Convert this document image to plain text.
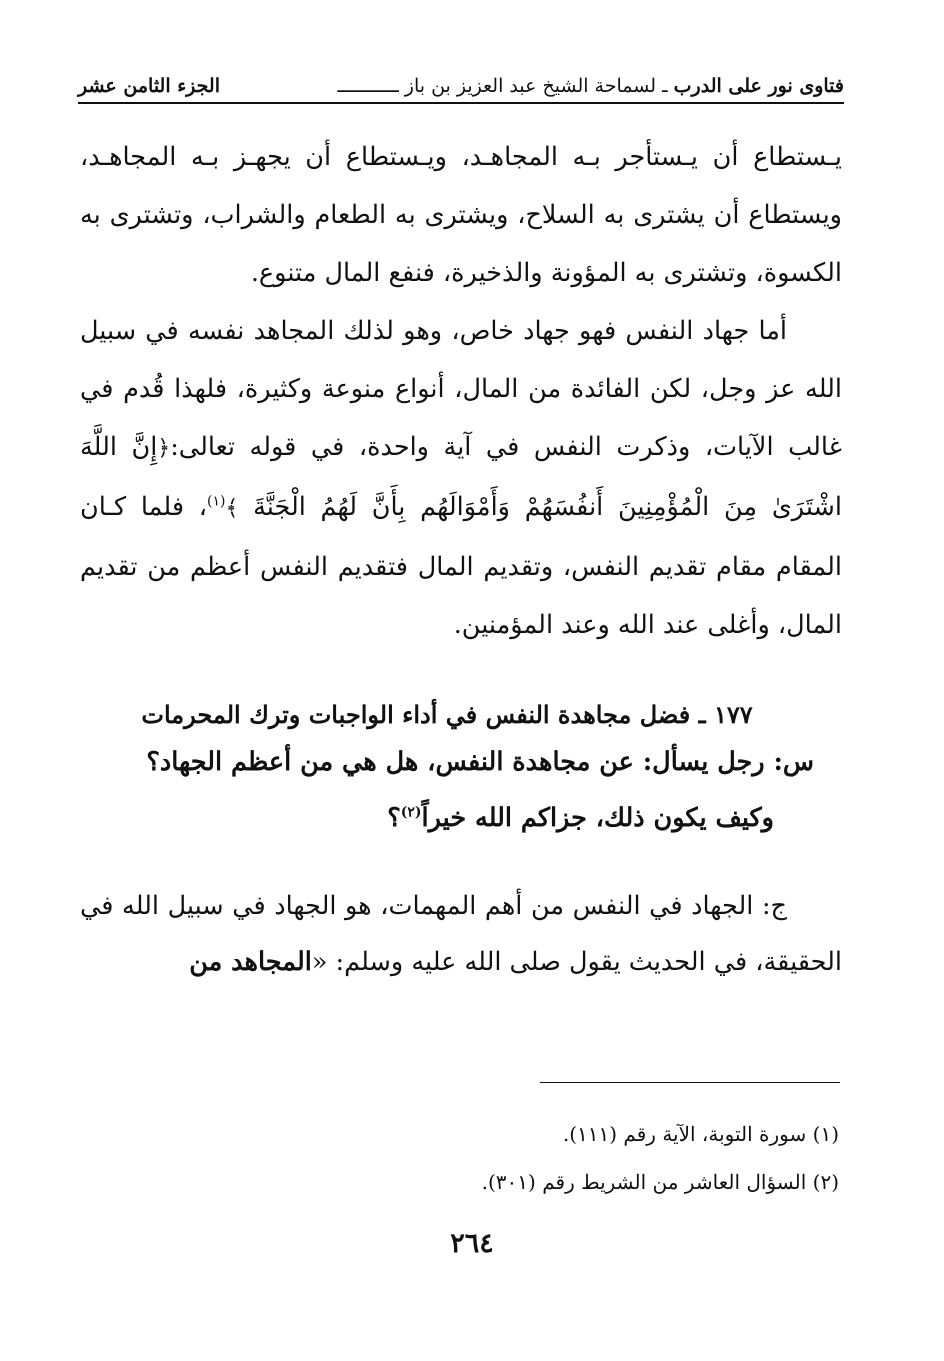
فتاوى نور على الدرب ـ لسماحة الشيخ عبد العزيز بن باز ـــــــــــ
الجزء الثامن عشر

يـستطاع أن يـستأجر بـه المجاهـد، ويـستطاع أن يجهـز بـه المجاهـد، ويستطاع أن يشترى به السلاح، ويشترى به الطعام والشراب، وتشترى به الكسوة، وتشترى به المؤونة والذخيرة، فنفع المال متنوع.

أما جهاد النفس فهو جهاد خاص، وهو لذلك المجاهد نفسه في سبيل الله عز وجل، لكن الفائدة من المال، أنواع منوعة وكثيرة، فلهذا قُدم في غالب الآيات، وذكرت النفس في آية واحدة، في قوله تعالى:﴿إِنَّ اللَّهَ اشْتَرَىٰ مِنَ الْمُؤْمِنِينَ أَنفُسَهُمْ وَأَمْوَالَهُم بِأَنَّ لَهُمُ الْجَنَّةَ ﴾$^{(١)}$، فلما كـان المقام مقام تقديم النفس، وتقديم المال فتقديم النفس أعظم من تقديم المال، وأغلى عند الله وعند المؤمنين.

١٧٧ ـ فضل مجاهدة النفس في أداء الواجبات وترك المحرمات

س: رجل يسأل: عن مجاهدة النفس، هل هي من أعظم الجهاد؟

وكيف يكون ذلك، جزاكم الله خيراً$^{(٢)}$؟

ج: الجهاد في النفس من أهم المهمات، هو الجهاد في سبيل الله في الحقيقة، في الحديث يقول صلى الله عليه وسلم: «المجاهد من

(١) سورة التوبة، الآية رقم (١١١).

(٢) السؤال العاشر من الشريط رقم (٣٠١).

٢٦٤
